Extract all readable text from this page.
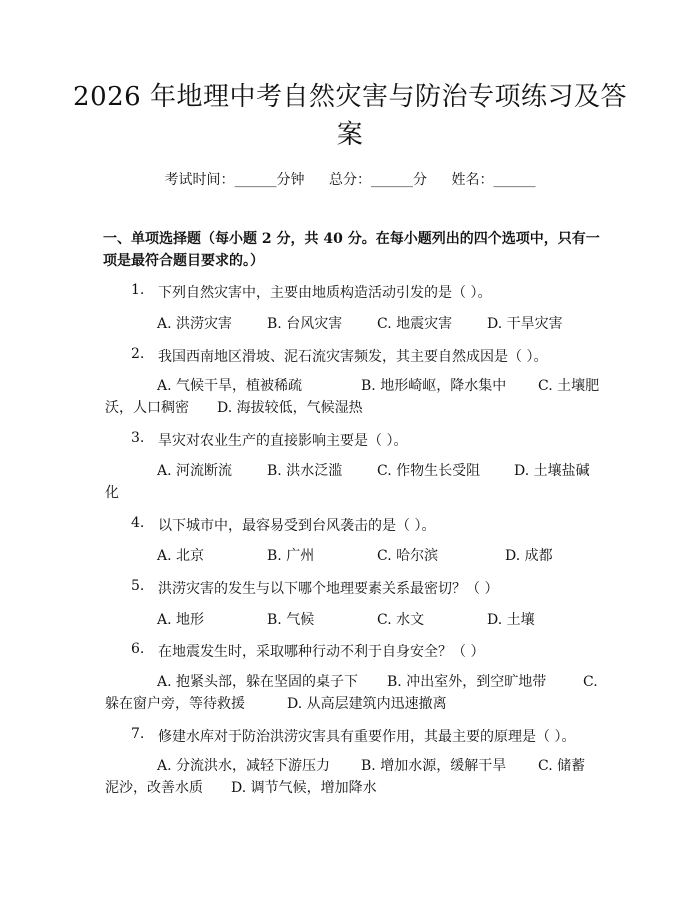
2026 年地理中考自然灾害与防治专项练习及答案
考试时间：______分钟 总分：______分 姓名：______
一、单项选择题（每小题 2 分，共 40 分。在每小题列出的四个选项中，只有一项是最符合题目要求的。）
1. 下列自然灾害中，主要由地质构造活动引发的是（ ）。
A. 洪涝灾害 B. 台风灾害 C. 地震灾害 D. 干旱灾害
2. 我国西南地区滑坡、泥石流灾害频发，其主要自然成因是（ ）。
A. 气候干旱，植被稀疏	B. 地形崎岖，降水集中 C. 土壤肥
沃，人口稠密 D. 海拔较低，气候湿热
3. 旱灾对农业生产的直接影响主要是（ ）。
A. 河流断流 B. 洪水泛滥 C. 作物生长受阻 D. 土壤盐碱
化
4. 以下城市中，最容易受到台风袭击的是（ ）。
A. 北京	B. 广州	C. 哈尔滨	D. 成都
5. 洪涝灾害的发生与以下哪个地理要素关系最密切？（ ）
A. 地形	B. 气候	C. 水文	D. 土壤
6. 在地震发生时，采取哪种行动不利于自身安全？（ ）
A. 抱紧头部，躲在坚固的桌子下 B. 冲出室外，到空旷地带	C.
躲在窗户旁，等待救援	D. 从高层建筑内迅速撤离
7. 修建水库对于防治洪涝灾害具有重要作用，其最主要的原理是（ ）。
A. 分流洪水，减轻下游压力 B. 增加水源，缓解干旱 C. 储蓄
泥沙，改善水质 D. 调节气候，增加降水
